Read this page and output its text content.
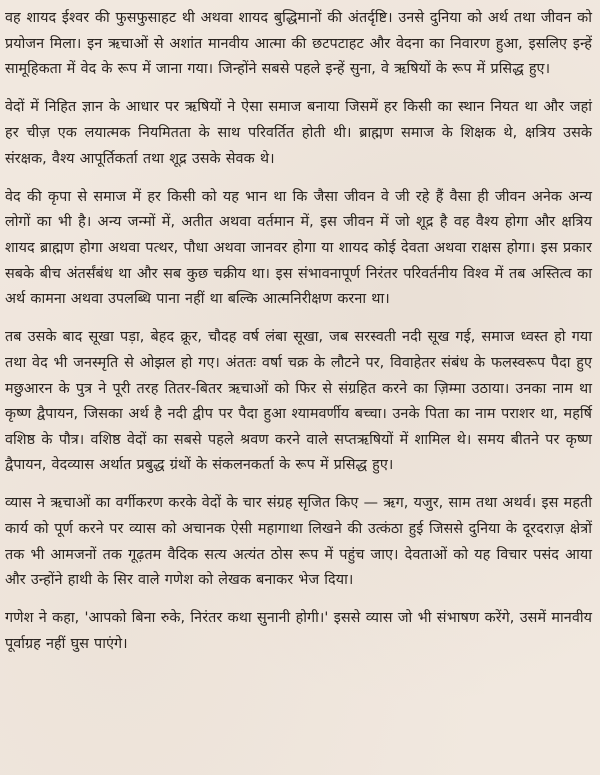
वह शायद ईश्वर की फुसफुसाहट थी अथवा शायद बुद्धिमानों की अंतर्दृष्टि। उनसे दुनिया को अर्थ तथा जीवन को प्रयोजन मिला। इन ऋचाओं से अशांत मानवीय आत्मा की छटपटाहट और वेदना का निवारण हुआ, इसलिए इन्हें सामूहिकता में वेद के रूप में जाना गया। जिन्होंने सबसे पहले इन्हें सुना, वे ऋषियों के रूप में प्रसिद्ध हुए।

वेदों में निहित ज्ञान के आधार पर ऋषियों ने ऐसा समाज बनाया जिसमें हर किसी का स्थान नियत था और जहां हर चीज़ एक लयात्मक नियमितता के साथ परिवर्तित होती थी। ब्राह्मण समाज के शिक्षक थे, क्षत्रिय उसके संरक्षक, वैश्य आपूर्तिकर्ता तथा शूद्र उसके सेवक थे।

वेद की कृपा से समाज में हर किसी को यह भान था कि जैसा जीवन वे जी रहे हैं वैसा ही जीवन अनेक अन्य लोगों का भी है। अन्य जन्मों में, अतीत अथवा वर्तमान में, इस जीवन में जो शूद्र है वह वैश्य होगा और क्षत्रिय शायद ब्राह्मण होगा अथवा पत्थर, पौधा अथवा जानवर होगा या शायद कोई देवता अथवा राक्षस होगा। इस प्रकार सबके बीच अंतर्संबंध था और सब कुछ चक्रीय था। इस संभावनापूर्ण निरंतर परिवर्तनीय विश्व में तब अस्तित्व का अर्थ कामना अथवा उपलब्धि पाना नहीं था बल्कि आत्मनिरीक्षण करना था।

तब उसके बाद सूखा पड़ा, बेहद क्रूर, चौदह वर्ष लंबा सूखा, जब सरस्वती नदी सूख गई, समाज ध्वस्त हो गया तथा वेद भी जनस्मृति से ओझल हो गए। अंततः वर्षा चक्र के लौटने पर, विवाहेतर संबंध के फलस्वरूप पैदा हुए मछुआरन के पुत्र ने पूरी तरह तितर-बितर ऋचाओं को फिर से संग्रहित करने का ज़िम्मा उठाया। उनका नाम था कृष्ण द्वैपायन, जिसका अर्थ है नदी द्वीप पर पैदा हुआ श्यामवर्णीय बच्चा। उनके पिता का नाम पराशर था, महर्षि वशिष्ठ के पौत्र। वशिष्ठ वेदों का सबसे पहले श्रवण करने वाले सप्तऋषियों में शामिल थे। समय बीतने पर कृष्ण द्वैपायन, वेदव्यास अर्थात प्रबुद्ध ग्रंथों के संकलनकर्ता के रूप में प्रसिद्ध हुए।

व्यास ने ऋचाओं का वर्गीकरण करके वेदों के चार संग्रह सृजित किए — ऋग, यजुर, साम तथा अथर्व। इस महती कार्य को पूर्ण करने पर व्यास को अचानक ऐसी महागाथा लिखने की उत्कंठा हुई जिससे दुनिया के दूरदराज़ क्षेत्रों तक भी आमजनों तक गूढ़तम वैदिक सत्य अत्यंत ठोस रूप में पहुंच जाए। देवताओं को यह विचार पसंद आया और उन्होंने हाथी के सिर वाले गणेश को लेखक बनाकर भेज दिया।

गणेश ने कहा, 'आपको बिना रुके, निरंतर कथा सुनानी होगी।' इससे व्यास जो भी संभाषण करेंगे, उसमें मानवीय पूर्वाग्रह नहीं घुस पाएंगे।
